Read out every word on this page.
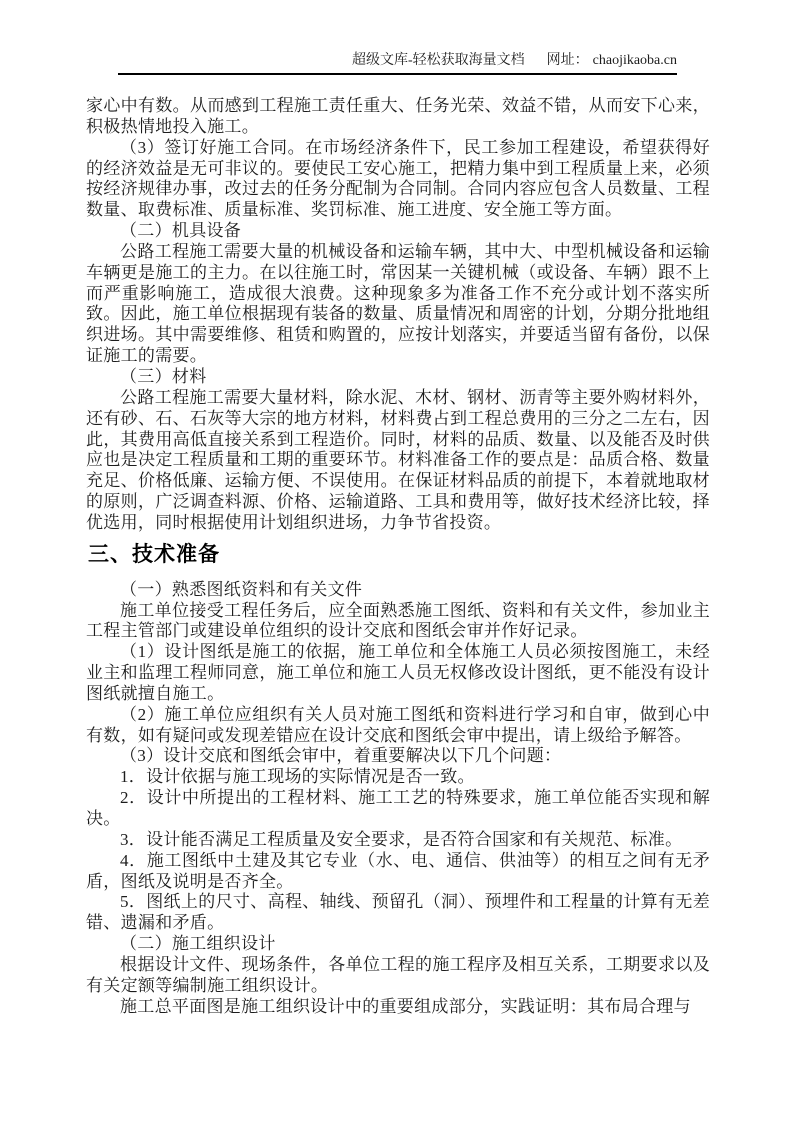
超级文库-轻松获取海量文档 网址： chaojikaoba.cn

家心中有数。从而感到工程施工责任重大、任务光荣、效益不错，从而安下心来，积极热情地投入施工。

（3）签订好施工合同。在市场经济条件下，民工参加工程建设，希望获得好的经济效益是无可非议的。要使民工安心施工，把精力集中到工程质量上来，必须按经济规律办事，改过去的任务分配制为合同制。合同内容应包含人员数量、工程数量、取费标准、质量标准、奖罚标准、施工进度、安全施工等方面。

（二）机具设备

公路工程施工需要大量的机械设备和运输车辆，其中大、中型机械设备和运输车辆更是施工的主力。在以往施工时，常因某一关键机械（或设备、车辆）跟不上而严重影响施工，造成很大浪费。这种现象多为准备工作不充分或计划不落实所致。因此，施工单位根据现有装备的数量、质量情况和周密的计划，分期分批地组织进场。其中需要维修、租赁和购置的，应按计划落实，并要适当留有备份，以保证施工的需要。

（三）材料

公路工程施工需要大量材料，除水泥、木材、钢材、沥青等主要外购材料外，还有砂、石、石灰等大宗的地方材料，材料费占到工程总费用的三分之二左右，因此，其费用高低直接关系到工程造价。同时，材料的品质、数量、以及能否及时供应也是决定工程质量和工期的重要环节。材料准备工作的要点是：品质合格、数量充足、价格低廉、运输方便、不误使用。在保证材料品质的前提下，本着就地取材的原则，广泛调查料源、价格、运输道路、工具和费用等，做好技术经济比较，择优选用，同时根据使用计划组织进场，力争节省投资。

三、技术准备

（一）熟悉图纸资料和有关文件

施工单位接受工程任务后，应全面熟悉施工图纸、资料和有关文件，参加业主工程主管部门或建设单位组织的设计交底和图纸会审并作好记录。

（1）设计图纸是施工的依据，施工单位和全体施工人员必须按图施工，未经业主和监理工程师同意，施工单位和施工人员无权修改设计图纸，更不能没有设计图纸就擅自施工。

（2）施工单位应组织有关人员对施工图纸和资料进行学习和自审，做到心中有数，如有疑问或发现差错应在设计交底和图纸会审中提出，请上级给予解答。

（3）设计交底和图纸会审中，着重要解决以下几个问题：

1．设计依据与施工现场的实际情况是否一致。

2．设计中所提出的工程材料、施工工艺的特殊要求，施工单位能否实现和解决。

3．设计能否满足工程质量及安全要求，是否符合国家和有关规范、标准。

4．施工图纸中土建及其它专业（水、电、通信、供油等）的相互之间有无矛盾，图纸及说明是否齐全。

5．图纸上的尺寸、高程、轴线、预留孔（洞）、预埋件和工程量的计算有无差错、遗漏和矛盾。

（二）施工组织设计

根据设计文件、现场条件，各单位工程的施工程序及相互关系，工期要求以及有关定额等编制施工组织设计。

施工总平面图是施工组织设计中的重要组成部分，实践证明：其布局合理与
